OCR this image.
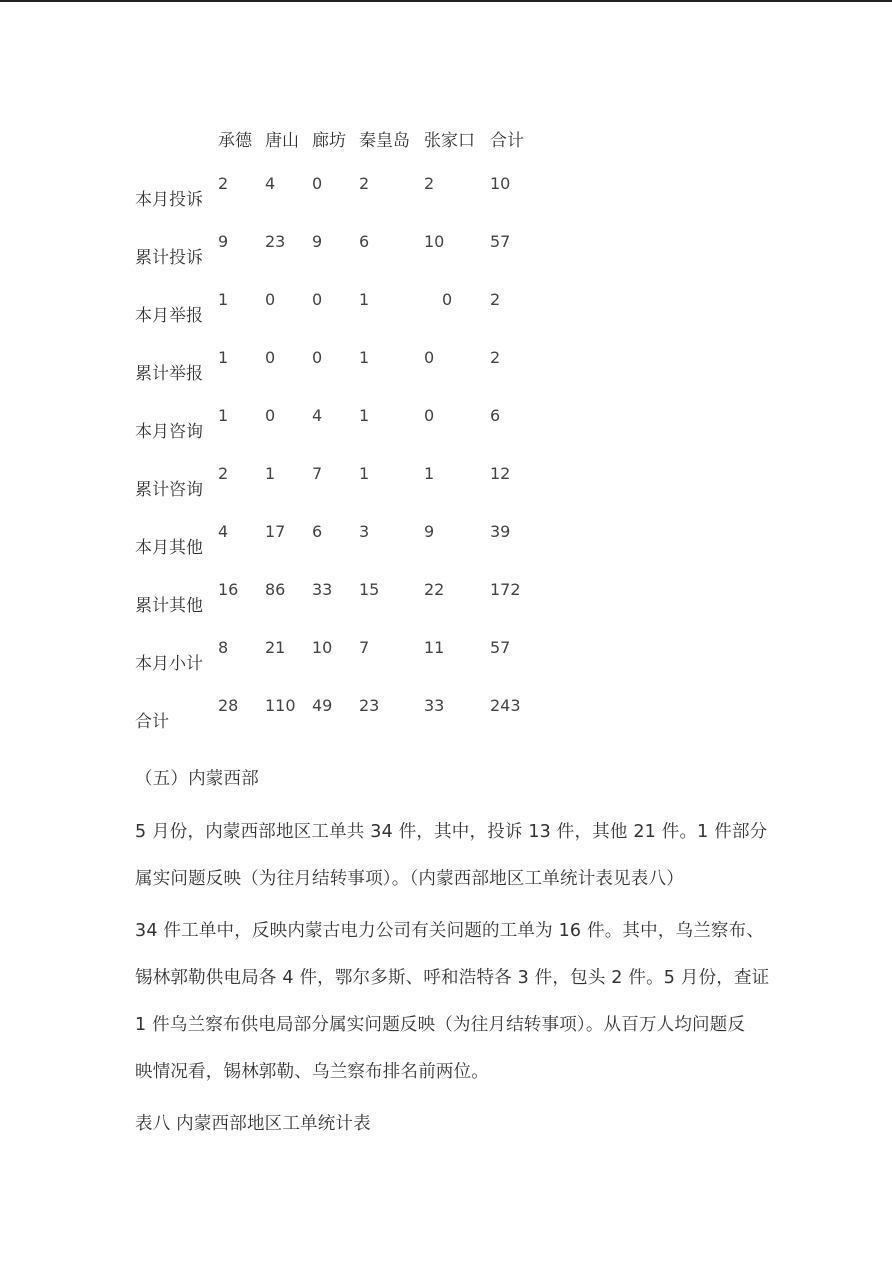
承德 唐山 廊坊 秦皇岛 张家口 合计
本月投诉
2 4 0 2	2	10
累计投诉
9 23 9 6	10	57
本月举报
1 0 0 1	0 2
累计举报
1 0 0 1	0	2
本月咨询
1 0 4 1	0	6
累计咨询
2 1 7 1	1	12
本月其他
4 17 6 3	9	39
累计其他
16 86 33 15	22	172
本月小计
8 21 10 7	11	57
合计
28 110 49 23	33	243
（五）内蒙西部
5 月份，内蒙西部地区工单共 34 件，其中，投诉 13 件，其他 21 件。1 件部分
属实问题反映（为往月结转事项）。（内蒙西部地区工单统计表见表八）
34 件工单中，反映内蒙古电力公司有关问题的工单为 16 件。其中，乌兰察布、
锡林郭勒供电局各 4 件，鄂尔多斯、呼和浩特各 3 件，包头 2 件。5 月份，查证
1 件乌兰察布供电局部分属实问题反映（为往月结转事项）。从百万人均问题反
映情况看，锡林郭勒、乌兰察布排名前两位。
表八 内蒙西部地区工单统计表
